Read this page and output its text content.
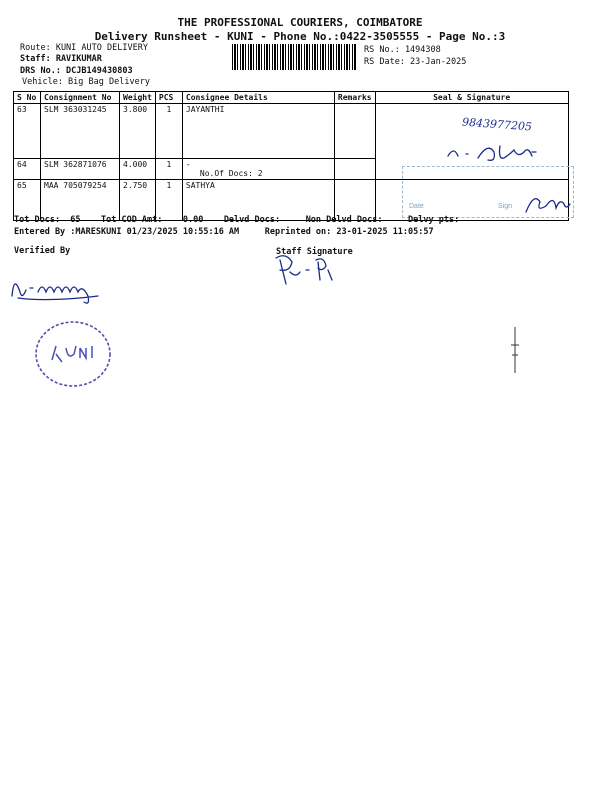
THE PROFESSIONAL COURIERS, COIMBATORE
Delivery Runsheet - KUNI - Phone No.:0422-3505555 - Page No.:3
Route: KUNI AUTO DELIVERY
Staff: RAVIKUMAR
DRS No.: DCJB149430803
Vehicle: Big Bag Delivery
RS No.: 1494308
RS Date: 23-Jan-2025
S No	Consignment No	Weight	PCS	Consignee Details	Remarks	Seal & Signature
63	SLM 363031245	3.800	1	JAYANTHI		
64	SLM 362871076	4.000	1	-
No.Of Docs: 2		

65	MAA 705079254	2.750	1	SATHYA		
9843977205
Date	Sign
Tot Docs:  65    Tot COD Amt:    0.00    Delvd Docs:     Non Delvd Docs:     Delvy pts:
Entered By :MARESKUNI 01/23/2025 10:55:16 AM     Reprinted on: 23-01-2025 11:05:57
Verified By	Staff Signature
